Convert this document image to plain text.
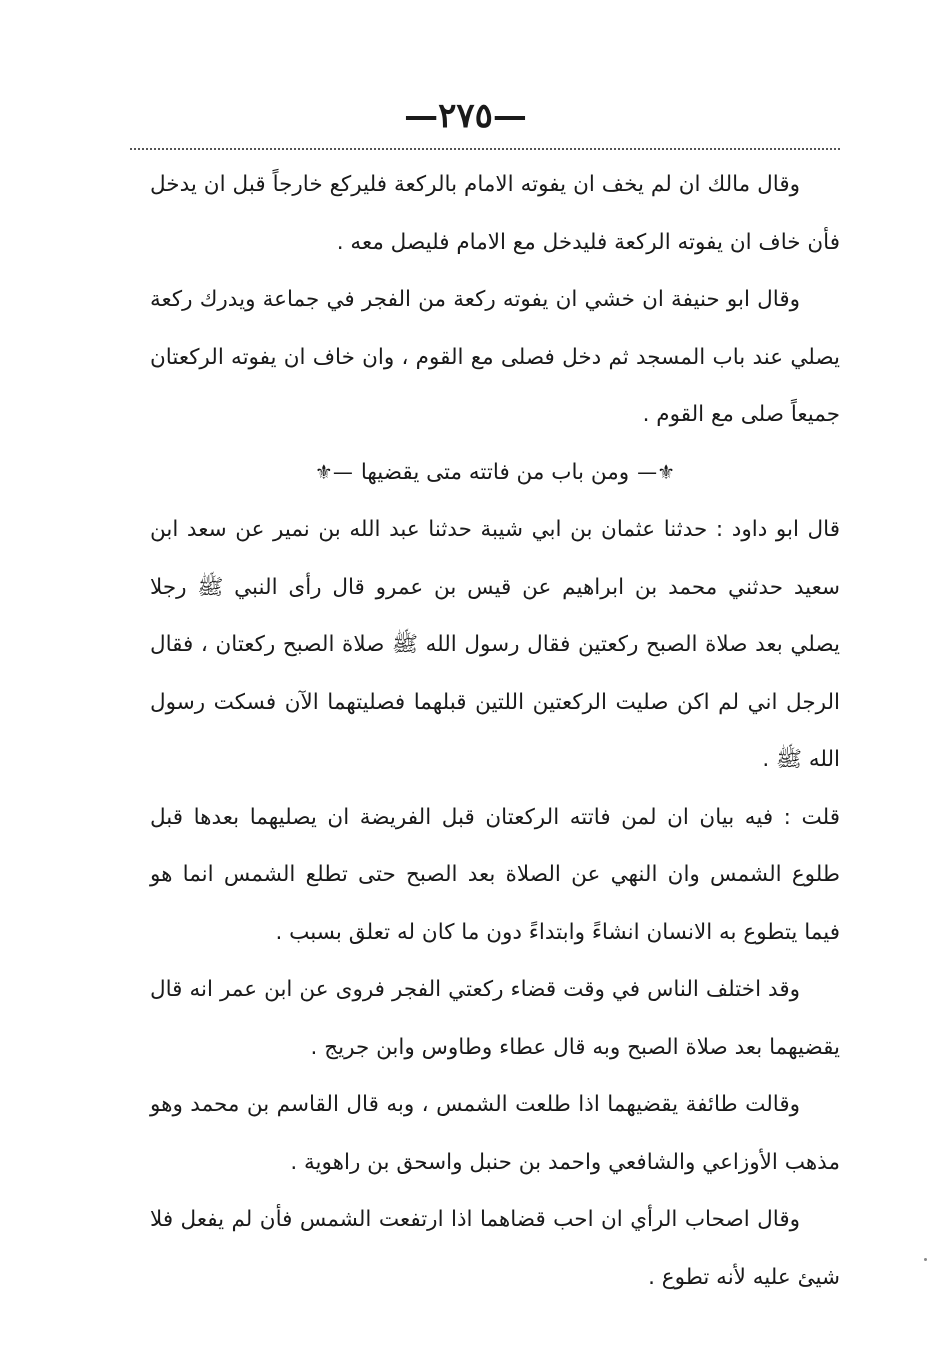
—٢٧٥—

وقال مالك ان لم يخف ان يفوته الامام بالركعة فليركع خارجاً قبل ان يدخل فأن خاف ان يفوته الركعة فليدخل مع الامام فليصل معه .

وقال ابو حنيفة ان خشي ان يفوته ركعة من الفجر في جماعة ويدرك ركعة يصلي عند باب المسجد ثم دخل فصلى مع القوم ، وان خاف ان يفوته الركعتان جميعاً صلى مع القوم .

⚜—ومن باب من فاتته متى يقضيها—⚜

قال ابو داود : حدثنا عثمان بن ابي شيبة حدثنا عبد الله بن نمير عن سعد ابن سعيد حدثني محمد بن ابراهيم عن قيس بن عمرو قال رأى النبي ﷺ رجلا يصلي بعد صلاة الصبح ركعتين فقال رسول الله ﷺ صلاة الصبح ركعتان ، فقال الرجل اني لم اكن صليت الركعتين اللتين قبلهما فصليتهما الآن فسكت رسول الله ﷺ .

قلت : فيه بيان ان لمن فاتته الركعتان قبل الفريضة ان يصليهما بعدها قبل طلوع الشمس وان النهي عن الصلاة بعد الصبح حتى تطلع الشمس انما هو فيما يتطوع به الانسان انشاءً وابتداءً دون ما كان له تعلق بسبب .

وقد اختلف الناس في وقت قضاء ركعتي الفجر فروى عن ابن عمر انه قال يقضيهما بعد صلاة الصبح وبه قال عطاء وطاوس وابن جريج .

وقالت طائفة يقضيهما اذا طلعت الشمس ، وبه قال القاسم بن محمد وهو مذهب الأوزاعي والشافعي واحمد بن حنبل واسحق بن راهوية .

وقال اصحاب الرأي ان احب قضاهما اذا ارتفعت الشمس فأن لم يفعل فلا شيئ عليه لأنه تطوع .
